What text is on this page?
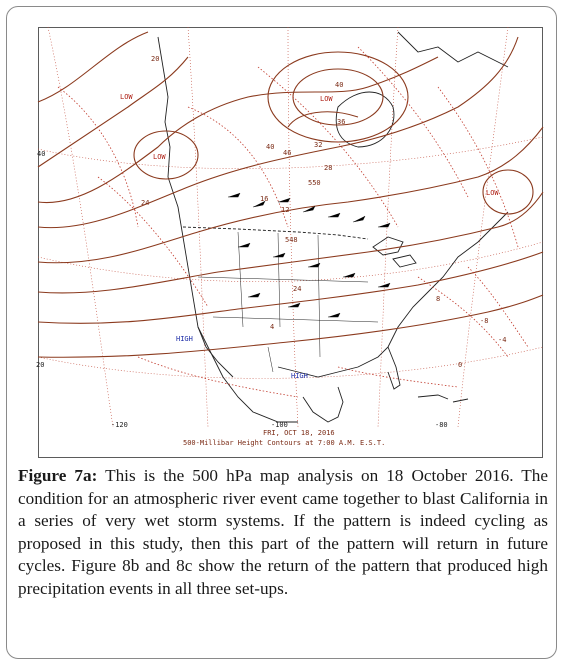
20
24
40
36
32
28
40
46
550
16
12
548
24
8
4
0
-8
-4
LOW
LOW
LOW
LOW
HIGH
HIGH
40
20
-120	-100	-80
FRI, OCT 18, 2016
500-Millibar Height Contours at 7:00 A.M. E.S.T.

Figure 7a: This is the 500 hPa map analysis on 18 October 2016. The condition for an atmospheric river event came together to blast California in a series of very wet storm systems. If the pattern is indeed cycling as proposed in this study, then this part of the pattern will return in future cycles. Figure 8b and 8c show the return of the pattern that produced high precipitation events in all three set-ups.
